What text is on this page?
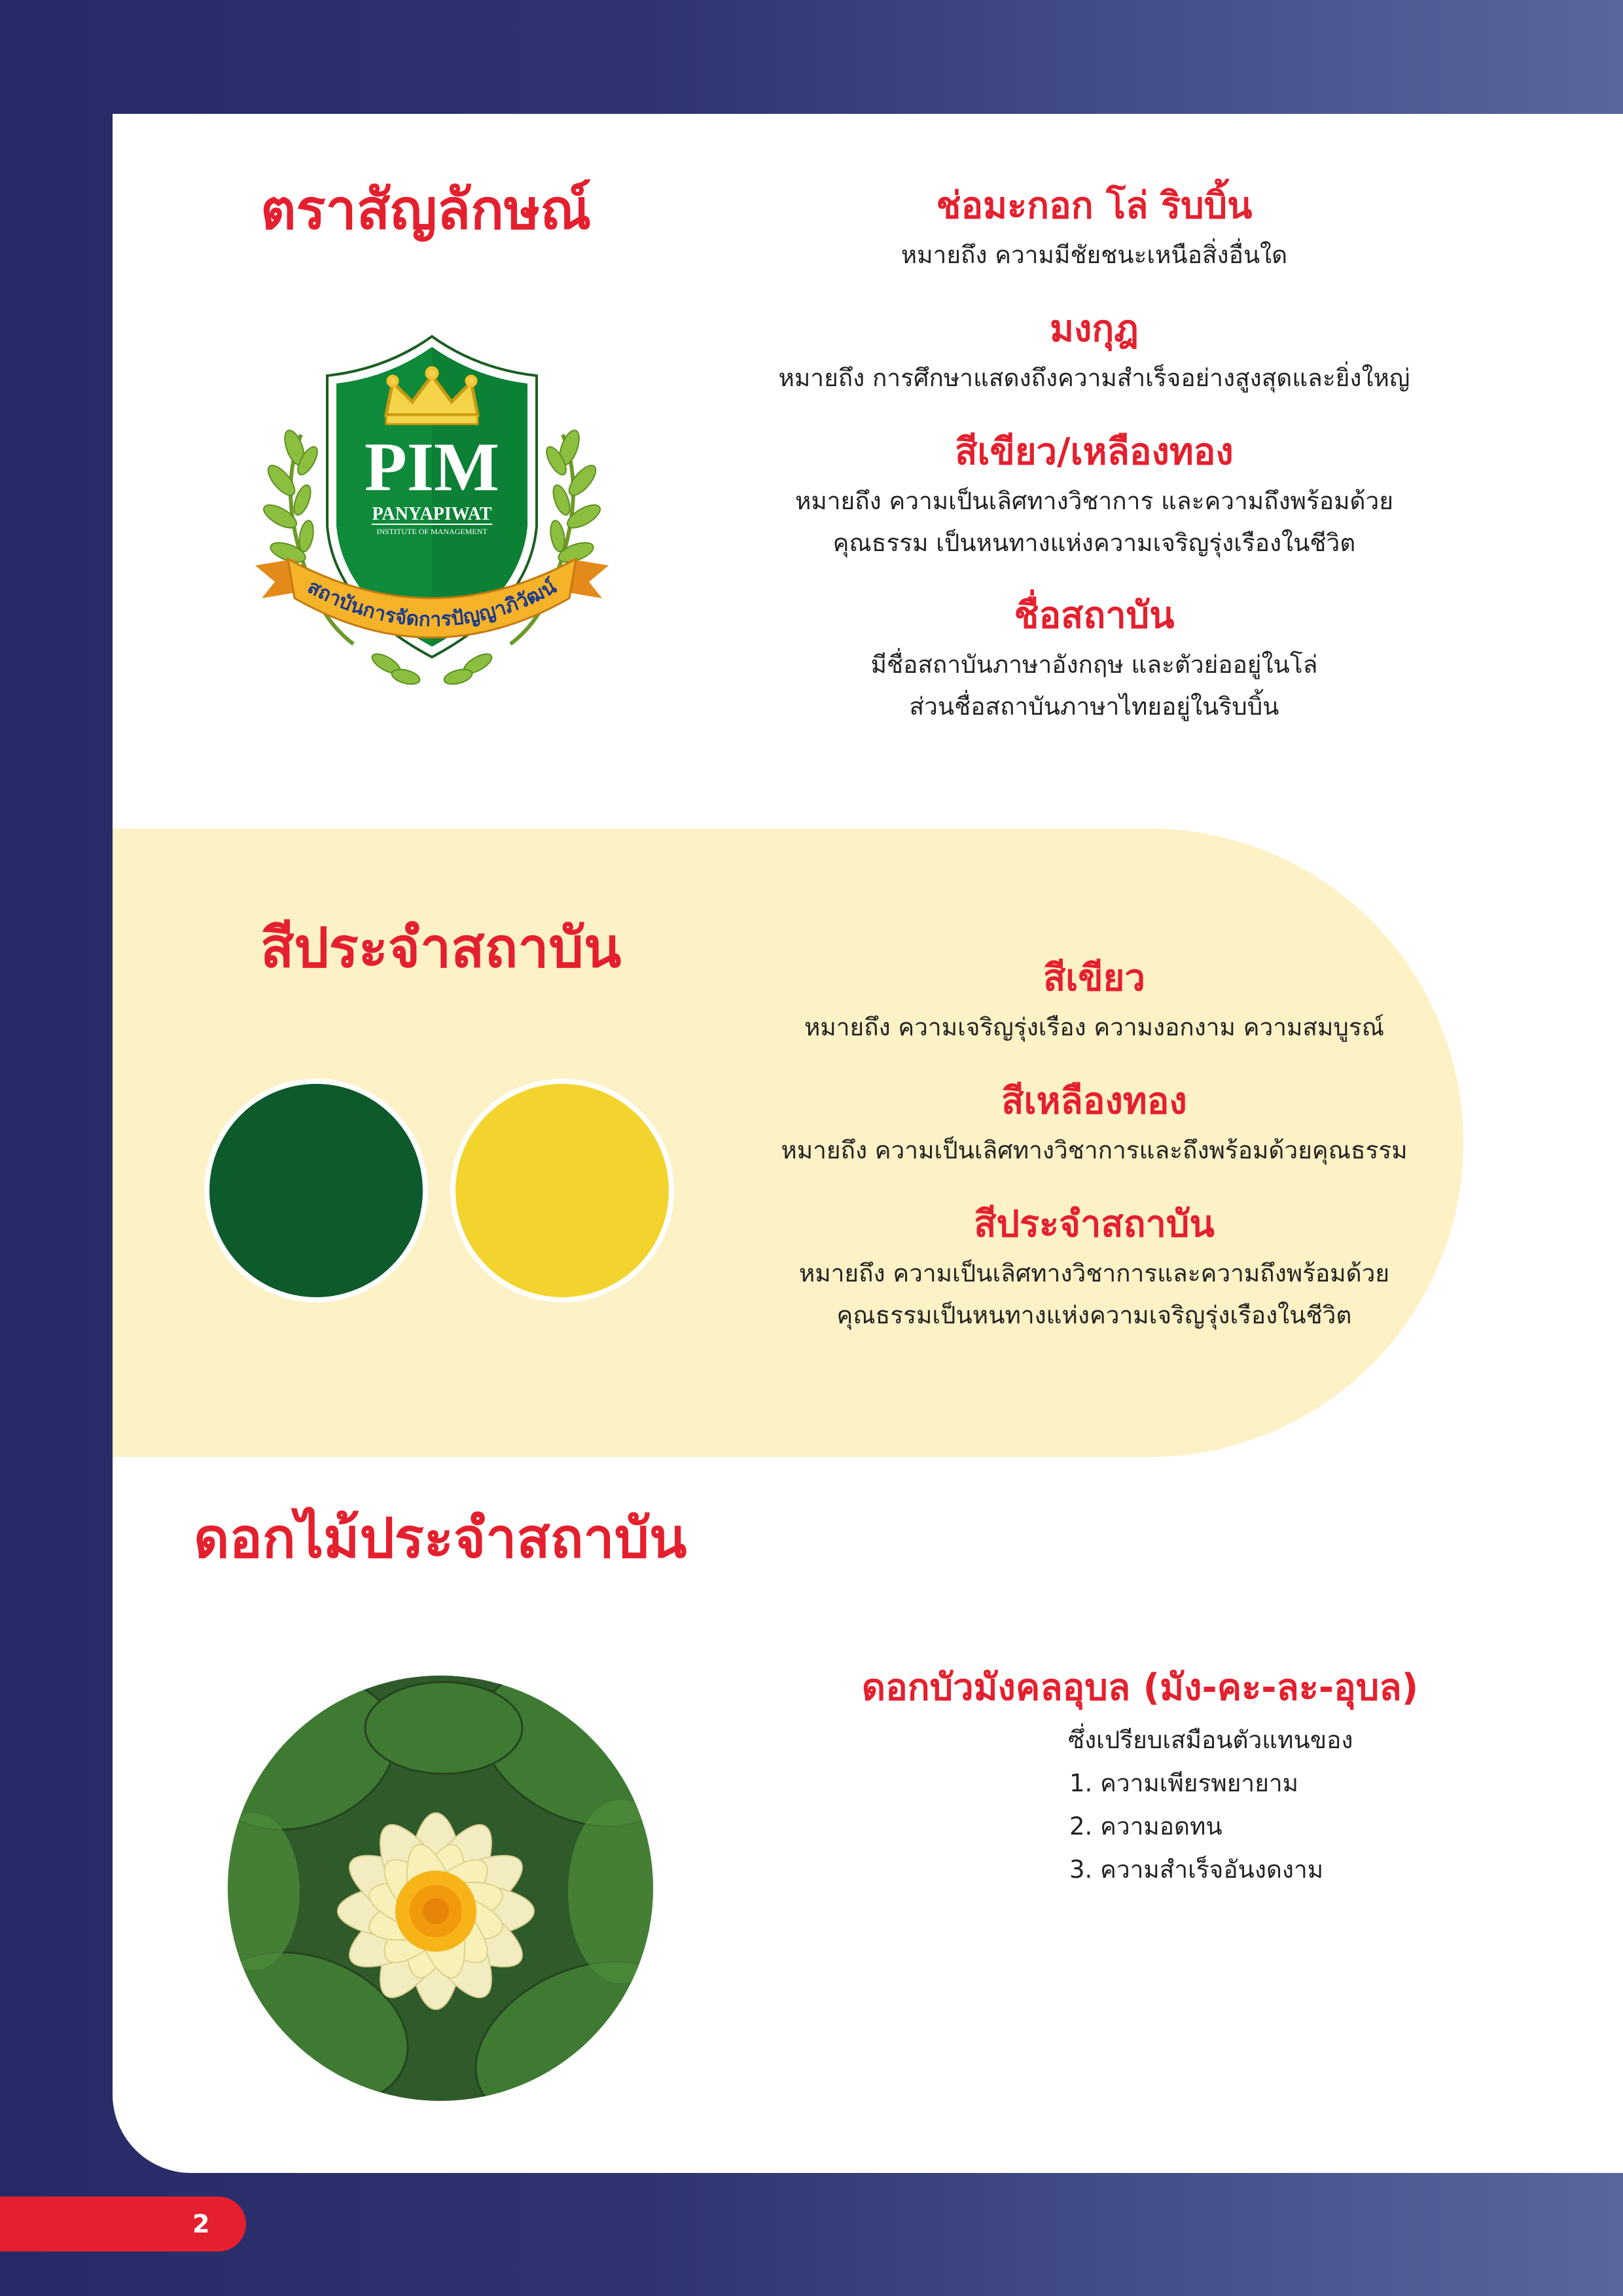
ตราสัญลักษณ์
PIM
PANYAPIWAT
INSTITUTE OF MANAGEMENT
สถาบันการจัดการปัญญาภิวัฒน์
ช่อมะกอก โล่ ริบบิ้น
หมายถึง ความมีชัยชนะเหนือสิ่งอื่นใด
มงกุฎ
หมายถึง การศึกษาแสดงถึงความสำเร็จอย่างสูงสุดและยิ่งใหญ่
สีเขียว/เหลืองทอง
หมายถึง ความเป็นเลิศทางวิชาการ และความถึงพร้อมด้วย
คุณธรรม เป็นหนทางแห่งความเจริญรุ่งเรืองในชีวิต
ชื่อสถาบัน
มีชื่อสถาบันภาษาอังกฤษ และตัวย่ออยู่ในโล่
ส่วนชื่อสถาบันภาษาไทยอยู่ในริบบิ้น
สีประจำสถาบัน	สีเขียว
หมายถึง ความเจริญรุ่งเรือง ความงอกงาม ความสมบูรณ์
สีเหลืองทอง
หมายถึง ความเป็นเลิศทางวิชาการและถึงพร้อมด้วยคุณธรรม
สีประจำสถาบัน
หมายถึง ความเป็นเลิศทางวิชาการและความถึงพร้อมด้วย
คุณธรรมเป็นหนทางแห่งความเจริญรุ่งเรืองในชีวิต
ดอกไม้ประจำสถาบัน
ดอกบัวมังคลอุบล (มัง-คะ-ละ-อุบล)
ซึ่งเปรียบเสมือนตัวแทนของ
1. ความเพียรพยายาม
2. ความอดทน
3. ความสำเร็จอันงดงาม
2
